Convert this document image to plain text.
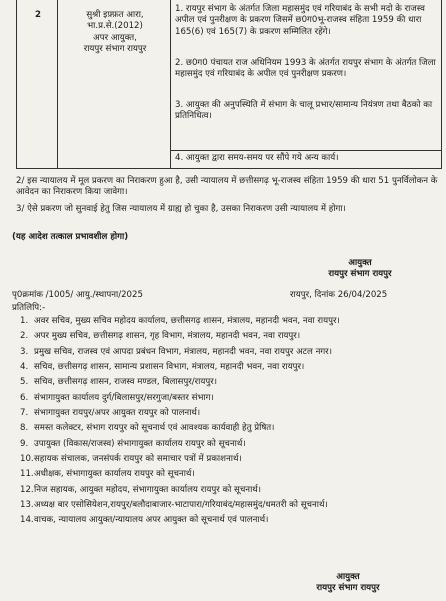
2	सुश्री इफ़्फ़त आरा,
भा.प्र.से.(2012)
अपर आयुक्त,
रायपुर संभाग रायपुर
1. रायपुर संभाग के अंतर्गत जिला महासमुंद एवं गरियाबंद के सभी मदो के राजस्व अपील एवं पुनरीक्षण के प्रकरण जिसमें छ0ग0भू-राजस्व संहिता 1959 की धारा 165(6) एवं 165(7) के प्रकरण सम्मिलित रहेंगे।
2. छ0ग0 पंचायत राज अधिनियम 1993 के अंतर्गत रायपुर संभाग के अंतर्गत जिला महासमुंद एवं गरियाबंद के अपील एवं पुनरीक्षण प्रकरण।
3. आयुक्त की अनुपस्थिति में संभाग के चालू प्रभार/सामान्य नियंत्रण तथा बैठको का प्रतिनिधित्व।
4. आयुक्त द्वारा समय-समय पर सौंपे गये अन्य कार्य।
2/ इस न्यायालय में मूल प्रकरण का निराकरण हुआ है, उसी न्यायालय में छत्तीसगढ़ भू-राजस्व संहिता 1959 की धारा 51 पुनर्विलोकन के आवेदन का निराकरण किया जावेगा।
3/ ऐसे प्रकरण जो सुनवाई हेतु जिस न्यायालय में ग्राह्य हो चुका है, उसका निराकरण उसी न्यायालय में होगा।
(यह आदेश तत्काल प्रभावशील होगा)
आयुक्त
रायपुर संभाग रायपुर
पृ0क्रमांक /1005/ आयु./स्थापना/2025	रायपुर, दिनांक 26/04/2025
प्रतिलिपि:-
1. अवर सचिव, मुख्य सचिव महोदय कार्यालय, छत्तीसगढ़ शासन, मंत्रालय, महानदी भवन, नवा रायपुर।
2. अपर मुख्य सचिव, छत्तीसगढ़ शासन, गृह विभाग, मंत्रालय, महानदी भवन, नवा रायपुर।
3. प्रमुख सचिव, राजस्व एवं आपदा प्रबंधन विभाग, मंत्रालय, महानदी भवन, नवा रायपुर अटल नगर।
4. सचिव, छत्तीसगढ़ शासन, सामान्य प्रशासन विभाग, मंत्रालय, महानदी भवन, नवा रायपुर।
5. सचिव, छत्तीसगढ़ शासन, राजस्व मण्डल, बिलासपुर/रायपुर।
6. संभागायुक्त कार्यालय दुर्ग/बिलासपुर/सरगुजा/बस्तर संभाग।
7. संभागायुक्त रायपुर/अपर आयुक्त रायपुर को पालनार्थ।
8. समस्त कलेक्टर, संभाग रायपुर को सूचनार्थ एवं आवश्यक कार्यवाही हेतु प्रेषित।
9. उपायुक्त (विकास/राजस्व) संभागायुक्त कार्यालय रायपुर को सूचनार्थ।
10. सहायक संचालक, जनसंपर्क रायपुर को समाचार पत्रों में प्रकाशनार्थ।
11. अधीक्षक, संभागायुक्त कार्यालय रायपुर को सूचनार्थ।
12. निज सहायक, आयुक्त महोदय, संभागायुक्त कार्यालय रायपुर को सूचनार्थ।
13. अध्यक्ष बार एसोसियेशन,रायपुर/बलौदाबाजार-भाटापारा/गरियाबंद/महासमुंद/धमतरी को सूचनार्थ।
14. वाचक, न्यायालय आयुक्त/न्यायालय अपर आयुक्त को सूचनार्थ एवं पालनार्थ।
आयुक्त
रायपुर संभाग रायपुर
